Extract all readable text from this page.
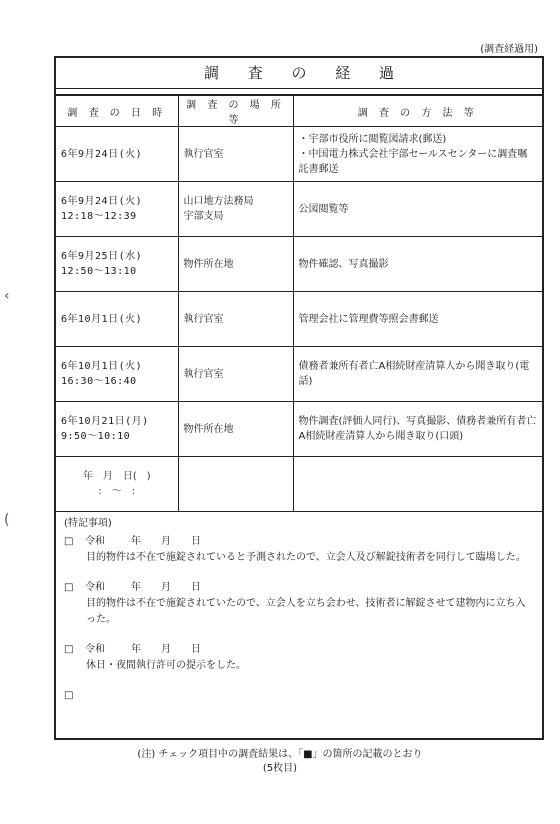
(調査経過用)
‹
(
調 査 の 経 過
調 査 の 日 時	調 査 の 場 所 等	調 査 の 方 法 等

6年9月24日(火)	執行官室	・宇部市役所に閲覧図請求(郵送)
・中国電力株式会社宇部セールスセンターに調査嘱託書郵送

6年9月24日(火)
12:18〜12:39	山口地方法務局
宇部支局	公図閲覧等

6年9月25日(水)
12:50〜13:10	物件所在地	物件確認、写真撮影

6年10月1日(火)	執行官室	管理会社に管理費等照会書郵送

6年10月1日(火)
16:30〜16:40	執行官室	債務者兼所有者亡A相続財産清算人から聞き取り(電話)

6年10月21日(月)
9:50〜10:10	物件所在地	物件調査(評価人同行)、写真撮影、債務者兼所有者亡A相続財産清算人から聞き取り(口頭)

年　月　日(　)
:　〜　:		

(特記事項)
□ 令和	年　　月　　日
目的物件は不在で施錠されていると予測されたので、立会人及び解錠技術者を同行して臨場した。
□ 令和	年　　月　　日
目的物件は不在で施錠されていたので、立会人を立ち会わせ、技術者に解錠させて建物内に立ち入った。
□ 令和	年　　月　　日
休日・夜間執行許可の提示をした。
□
(注) チェック項目中の調査結果は、「■」の箇所の記載のとおり
(5枚目)
